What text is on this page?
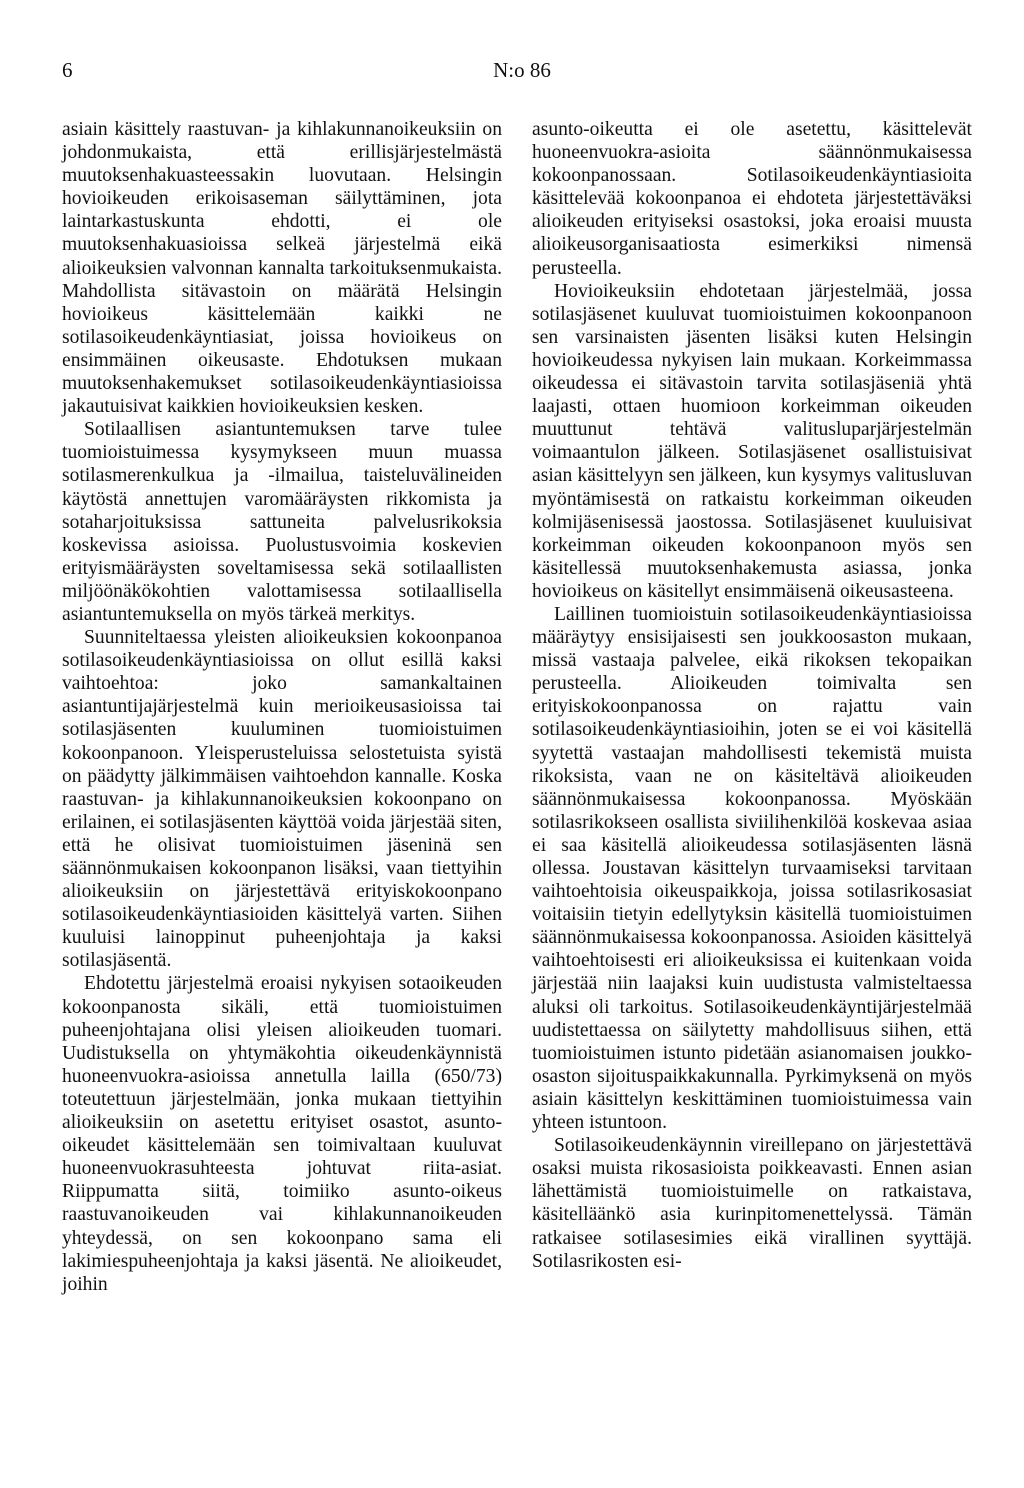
6	N:o 86

asiain käsittely raastuvan- ja kihlakunnanoikeuksiin on johdonmukaista, että erillisjärjestelmästä muutoksenhakuasteessakin luovutaan. Helsingin hovioikeuden erikoisaseman säilyttäminen, jota laintarkastuskunta ehdotti, ei ole muutoksenhakuasioissa selkeä järjestelmä eikä alioikeuksien valvonnan kannalta tarkoituksenmukaista. Mahdollista sitävastoin on määrätä Helsingin hovioikeus käsittelemään kaikki ne sotilasoikeudenkäyntiasiat, joissa hovioikeus on ensimmäinen oikeusaste. Ehdotuksen mukaan muutoksenhakemukset sotilasoikeudenkäyntiasioissa jakautuisivat kaikkien hovioikeuksien kesken.

Sotilaallisen asiantuntemuksen tarve tulee tuomioistuimessa kysymykseen muun muassa sotilasmerenkulkua ja -ilmailua, taisteluvälineiden käytöstä annettujen varomääräysten rikkomista ja sotaharjoituksissa sattuneita palvelusrikoksia koskevissa asioissa. Puolustusvoimia koskevien erityismääräysten soveltamisessa sekä sotilaallisten miljöönäkökohtien valottamisessa sotilaallisella asiantuntemuksella on myös tärkeä merkitys.

Suunniteltaessa yleisten alioikeuksien kokoonpanoa sotilasoikeudenkäyntiasioissa on ollut esillä kaksi vaihtoehtoa: joko samankaltainen asiantuntijajärjestelmä kuin merioikeusasioissa tai sotilasjäsenten kuuluminen tuomioistuimen kokoonpanoon. Yleisperusteluissa selostetuista syistä on päädytty jälkimmäisen vaihtoehdon kannalle. Koska raastuvan- ja kihlakunnanoikeuksien kokoonpano on erilainen, ei sotilasjäsenten käyttöä voida järjestää siten, että he olisivat tuomioistuimen jäseninä sen säännönmukaisen kokoonpanon lisäksi, vaan tiettyihin alioikeuksiin on järjestettävä erityiskokoonpano sotilasoikeudenkäyntiasioiden käsittelyä varten. Siihen kuuluisi lainoppinut puheenjohtaja ja kaksi sotilasjäsentä.

Ehdotettu järjestelmä eroaisi nykyisen sotaoikeuden kokoonpanosta sikäli, että tuomioistuimen puheenjohtajana olisi yleisen alioikeuden tuomari. Uudistuksella on yhtymäkohtia oikeudenkäynnistä huoneenvuokra-asioissa annetulla lailla (650/73) toteutettuun järjestelmään, jonka mukaan tiettyihin alioikeuksiin on asetettu erityiset osastot, asunto-oikeudet käsittelemään sen toimivaltaan kuuluvat huoneenvuokrasuhteesta johtuvat riita-asiat. Riippumatta siitä, toimiiko asunto-oikeus raastuvanoikeuden vai kihlakunnanoikeuden yhteydessä, on sen kokoonpano sama eli lakimiespuheenjohtaja ja kaksi jäsentä. Ne alioikeudet, joihin

asunto-oikeutta ei ole asetettu, käsittelevät huoneenvuokra-asioita säännönmukaisessa kokoonpanossaan. Sotilasoikeudenkäyntiasioita käsittelevää kokoonpanoa ei ehdoteta järjestettäväksi alioikeuden erityiseksi osastoksi, joka eroaisi muusta alioikeusorganisaatiosta esimerkiksi nimensä perusteella.

Hovioikeuksiin ehdotetaan järjestelmää, jossa sotilasjäsenet kuuluvat tuomioistuimen kokoonpanoon sen varsinaisten jäsenten lisäksi kuten Helsingin hovioikeudessa nykyisen lain mukaan. Korkeimmassa oikeudessa ei sitävastoin tarvita sotilasjäseniä yhtä laajasti, ottaen huomioon korkeimman oikeuden muuttunut tehtävä valitusluparjärjestelmän voimaantulon jälkeen. Sotilasjäsenet osallistuisivat asian käsittelyyn sen jälkeen, kun kysymys valitusluvan myöntämisestä on ratkaistu korkeimman oikeuden kolmijäsenisessä jaostossa. Sotilasjäsenet kuuluisivat korkeimman oikeuden kokoonpanoon myös sen käsitellessä muutoksenhakemusta asiassa, jonka hovioikeus on käsitellyt ensimmäisenä oikeusasteena.

Laillinen tuomioistuin sotilasoikeudenkäyntiasioissa määräytyy ensisijaisesti sen joukkoosaston mukaan, missä vastaaja palvelee, eikä rikoksen tekopaikan perusteella. Alioikeuden toimivalta sen erityiskokoonpanossa on rajattu vain sotilasoikeudenkäyntiasioihin, joten se ei voi käsitellä syytettä vastaajan mahdollisesti tekemistä muista rikoksista, vaan ne on käsiteltävä alioikeuden säännönmukaisessa kokoonpanossa. Myöskään sotilasrikokseen osallista siviilihenkilöä koskevaa asiaa ei saa käsitellä alioikeudessa sotilasjäsenten läsnä ollessa. Joustavan käsittelyn turvaamiseksi tarvitaan vaihtoehtoisia oikeuspaikkoja, joissa sotilasrikosasiat voitaisiin tietyin edellytyksin käsitellä tuomioistuimen säännönmukaisessa kokoonpanossa. Asioiden käsittelyä vaihtoehtoisesti eri alioikeuksissa ei kuitenkaan voida järjestää niin laajaksi kuin uudistusta valmisteltaessa aluksi oli tarkoitus. Sotilasoikeudenkäyntijärjestelmää uudistettaessa on säilytetty mahdollisuus siihen, että tuomioistuimen istunto pidetään asianomaisen joukko-osaston sijoituspaikkakunnalla. Pyrkimyksenä on myös asiain käsittelyn keskittäminen tuomioistuimessa vain yhteen istuntoon.

Sotilasoikeudenkäynnin vireillepano on järjestettävä osaksi muista rikosasioista poikkeavasti. Ennen asian lähettämistä tuomioistuimelle on ratkaistava, käsitelläänkö asia kurinpitomenettelyssä. Tämän ratkaisee sotilasesimies eikä virallinen syyttäjä. Sotilasrikosten esi-
